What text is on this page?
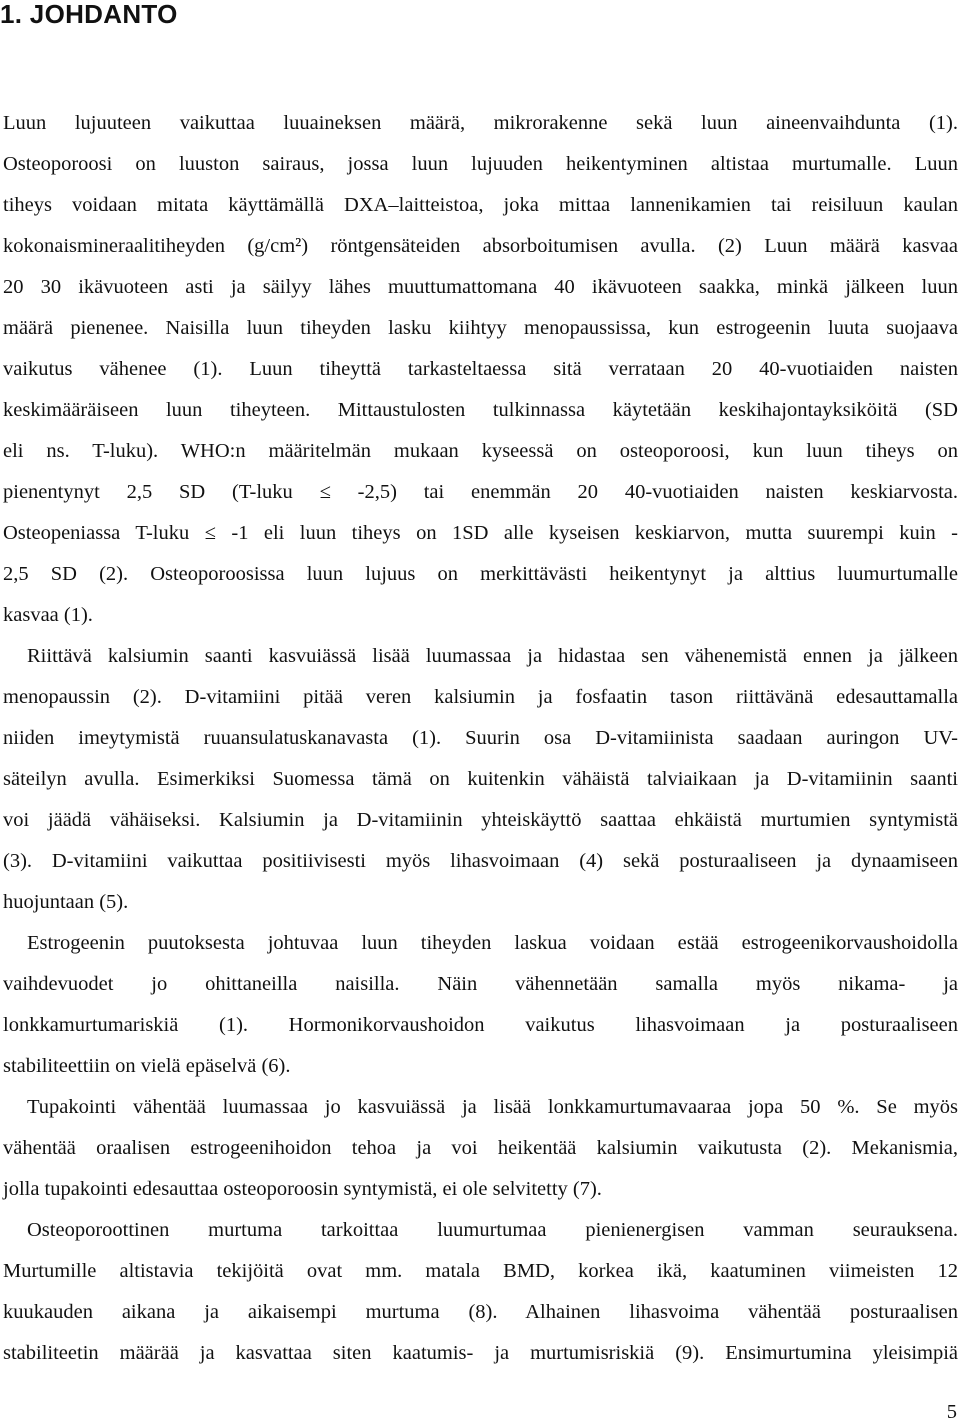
1. JOHDANTO
Luun lujuuteen vaikuttaa luuaineksen määrä, mikrorakenne sekä luun aineenvaihdunta (1).
Osteoporoosi on luuston sairaus, jossa luun lujuuden heikentyminen altistaa murtumalle. Luun
tiheys voidaan mitata käyttämällä DXA–laitteistoa, joka mittaa lannenikamien tai reisiluun kaulan
kokonaismineraalitiheyden (g/cm²) röntgensäteiden absorboitumisen avulla. (2) Luun määrä kasvaa
20 30 ikävuoteen asti ja säilyy lähes muuttumattomana 40 ikävuoteen saakka, minkä jälkeen luun
määrä pienenee. Naisilla luun tiheyden lasku kiihtyy menopaussissa, kun estrogeenin luuta suojaava
vaikutus vähenee (1). Luun tiheyttä tarkasteltaessa sitä verrataan 20 40-vuotiaiden naisten
keskimääräiseen luun tiheyteen. Mittaustulosten tulkinnassa käytetään keskihajontayksiköitä (SD
eli ns. T-luku). WHO:n määritelmän mukaan kyseessä on osteoporoosi, kun luun tiheys on
pienentynyt 2,5 SD (T-luku ≤ -2,5) tai enemmän 20 40-vuotiaiden naisten keskiarvosta.
Osteopeniassa T-luku ≤ -1 eli luun tiheys on 1SD alle kyseisen keskiarvon, mutta suurempi kuin -
2,5 SD (2). Osteoporoosissa luun lujuus on merkittävästi heikentynyt ja alttius luumurtumalle
kasvaa (1).
Riittävä kalsiumin saanti kasvuiässä lisää luumassaa ja hidastaa sen vähenemistä ennen ja jälkeen
menopaussin (2). D-vitamiini pitää veren kalsiumin ja fosfaatin tason riittävänä edesauttamalla
niiden imeytymistä ruuansulatuskanavasta (1). Suurin osa D-vitamiinista saadaan auringon UV-
säteilyn avulla. Esimerkiksi Suomessa tämä on kuitenkin vähäistä talviaikaan ja D-vitamiinin saanti
voi jäädä vähäiseksi. Kalsiumin ja D-vitamiinin yhteiskäyttö saattaa ehkäistä murtumien syntymistä
(3). D-vitamiini vaikuttaa positiivisesti myös lihasvoimaan (4) sekä posturaaliseen ja dynaamiseen
huojuntaan (5).
Estrogeenin puutoksesta johtuvaa luun tiheyden laskua voidaan estää estrogeenikorvaushoidolla
vaihdevuodet jo ohittaneilla naisilla. Näin vähennetään samalla myös nikama- ja
lonkkamurtumariskiä (1). Hormonikorvaushoidon vaikutus lihasvoimaan ja posturaaliseen
stabiliteettiin on vielä epäselvä (6).
Tupakointi vähentää luumassaa jo kasvuiässä ja lisää lonkkamurtumavaaraa jopa 50 %. Se myös
vähentää oraalisen estrogeenihoidon tehoa ja voi heikentää kalsiumin vaikutusta (2). Mekanismia,
jolla tupakointi edesauttaa osteoporoosin syntymistä, ei ole selvitetty (7).
Osteoporoottinen murtuma tarkoittaa luumurtumaa pienienergisen vamman seurauksena.
Murtumille altistavia tekijöitä ovat mm. matala BMD, korkea ikä, kaatuminen viimeisten 12
kuukauden aikana ja aikaisempi murtuma (8). Alhainen lihasvoima vähentää posturaalisen
stabiliteetin määrää ja kasvattaa siten kaatumis- ja murtumisriskiä (9). Ensimurtumina yleisimpiä
5
